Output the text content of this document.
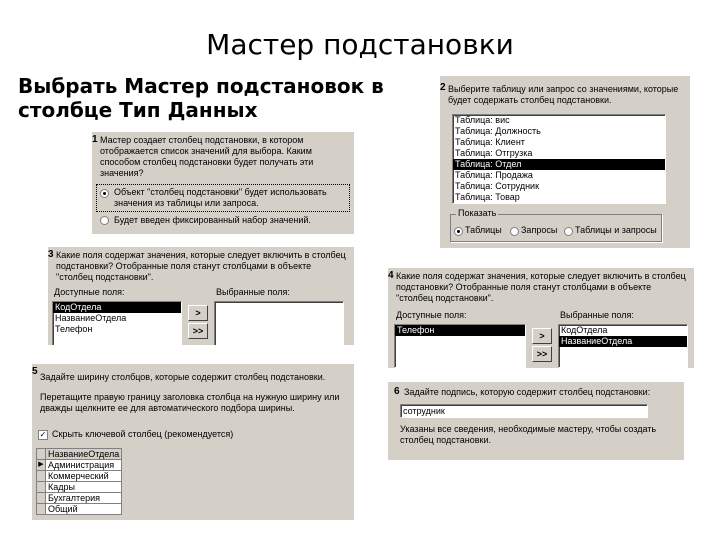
Мастер подстановки
Выбрать Мастер подстановок в столбце Тип Данных
1 Мастер создает столбец подстановки, в котором отображается список значений для выбора. Каким способом столбец подстановки будет получать эти значения?
Объект "столбец подстановки" будет использовать значения из таблицы или запроса.
Будет введен фиксированный набор значений.
2 Выберите таблицу или запрос со значениями, которые будет содержать столбец подстановки.
Таблица: вис
Таблица: Должность
Таблица: Клиент
Таблица: Отгрузка
Таблица: Отдел
Таблица: Продажа
Таблица: Сотрудник
Таблица: Товар
Показать
Таблицы Запросы Таблицы и запросы
3 Какие поля содержат значения, которые следует включить в столбец подстановки? Отобранные поля станут столбцами в объекте "столбец подстановки".
Доступные поля:	Выбранные поля:
КодОтдела
НазваниеОтдела
Телефон
>
>>
4 Какие поля содержат значения, которые следует включить в столбец подстановки? Отобранные поля станут столбцами в объекте "столбец подстановки".
Доступные поля:	Выбранные поля:
Телефон
>
>>
КодОтдела
НазваниеОтдела
5 Задайте ширину столбцов, которые содержит столбец подстановки.
Перетащите правую границу заголовка столбца на нужную ширину или дважды щелкните ее для автоматического подбора ширины.
✓ Скрыть ключевой столбец (рекомендуется)
	НазваниеОтдела
▶	Администрация
	Коммерческий
	Кадры
	Бухгалтерия
	Общий
6 Задайте подпись, которую содержит столбец подстановки:
сотрудник
Указаны все сведения, необходимые мастеру, чтобы создать столбец подстановки.
